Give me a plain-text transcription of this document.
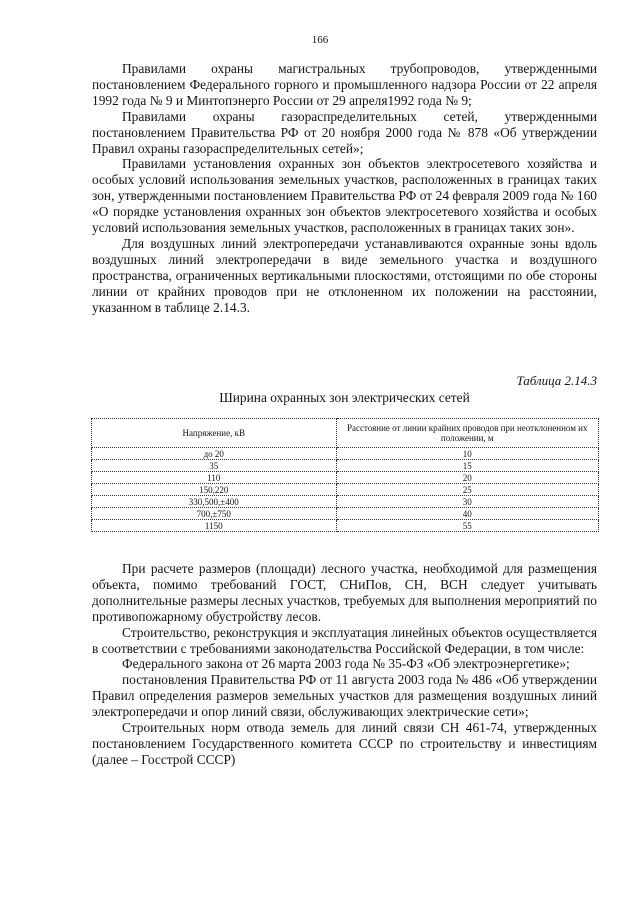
166

Правилами охраны магистральных трубопроводов, утвержденными постановлением Федерального горного и промышленного надзора России от 22 апреля 1992 года № 9 и Минтопэнерго России от 29 апреля1992 года № 9;

Правилами охраны газораспределительных сетей, утвержденными постановлением Правительства РФ от 20 ноября 2000 года № 878 «Об утверждении Правил охраны газораспределительных сетей»;

Правилами установления охранных зон объектов электросетевого хозяйства и особых условий использования земельных участков, расположенных в границах таких зон, утвержденными постановлением Правительства РФ от 24 февраля 2009 года № 160 «О порядке установления охранных зон объектов электросетевого хозяйства и особых условий использования земельных участков, расположенных в границах таких зон».

Для воздушных линий электропередачи устанавливаются охранные зоны вдоль воздушных линий электропередачи в виде земельного участка и воздушного пространства, ограниченных вертикальными плоскостями, отстоящими по обе стороны линии от крайних проводов при не отклоненном их положении на расстоянии, указанном в таблице 2.14.3.

Таблица 2.14.3
Ширина охранных зон электрических сетей
Напряжение, кВ	Расстояние от линии крайних проводов при неотклоненном их положении, м
до 20	10
35	15
110	20
150,220	25
330,500,±400	30
700,±750	40
1150	55

При расчете размеров (площади) лесного участка, необходимой для размещения объекта, помимо требований ГОСТ, СНиПов, СН, ВСН следует учитывать дополнительные размеры лесных участков, требуемых для выполнения мероприятий по противопожарному обустройству лесов.

Строительство, реконструкция и эксплуатация линейных объектов осуществляется в соответствии с требованиями законодательства Российской Федерации, в том числе:

Федерального закона от 26 марта 2003 года № 35-ФЗ «Об электроэнергетике»;

постановления Правительства РФ от 11 августа 2003 года № 486 «Об утверждении Правил определения размеров земельных участков для размещения воздушных линий электропередачи и опор линий связи, обслуживающих электрические сети»;

Строительных норм отвода земель для линий связи СН 461-74, утвержденных постановлением Государственного комитета СССР по строительству и инвестициям (далее – Госстрой СССР)
